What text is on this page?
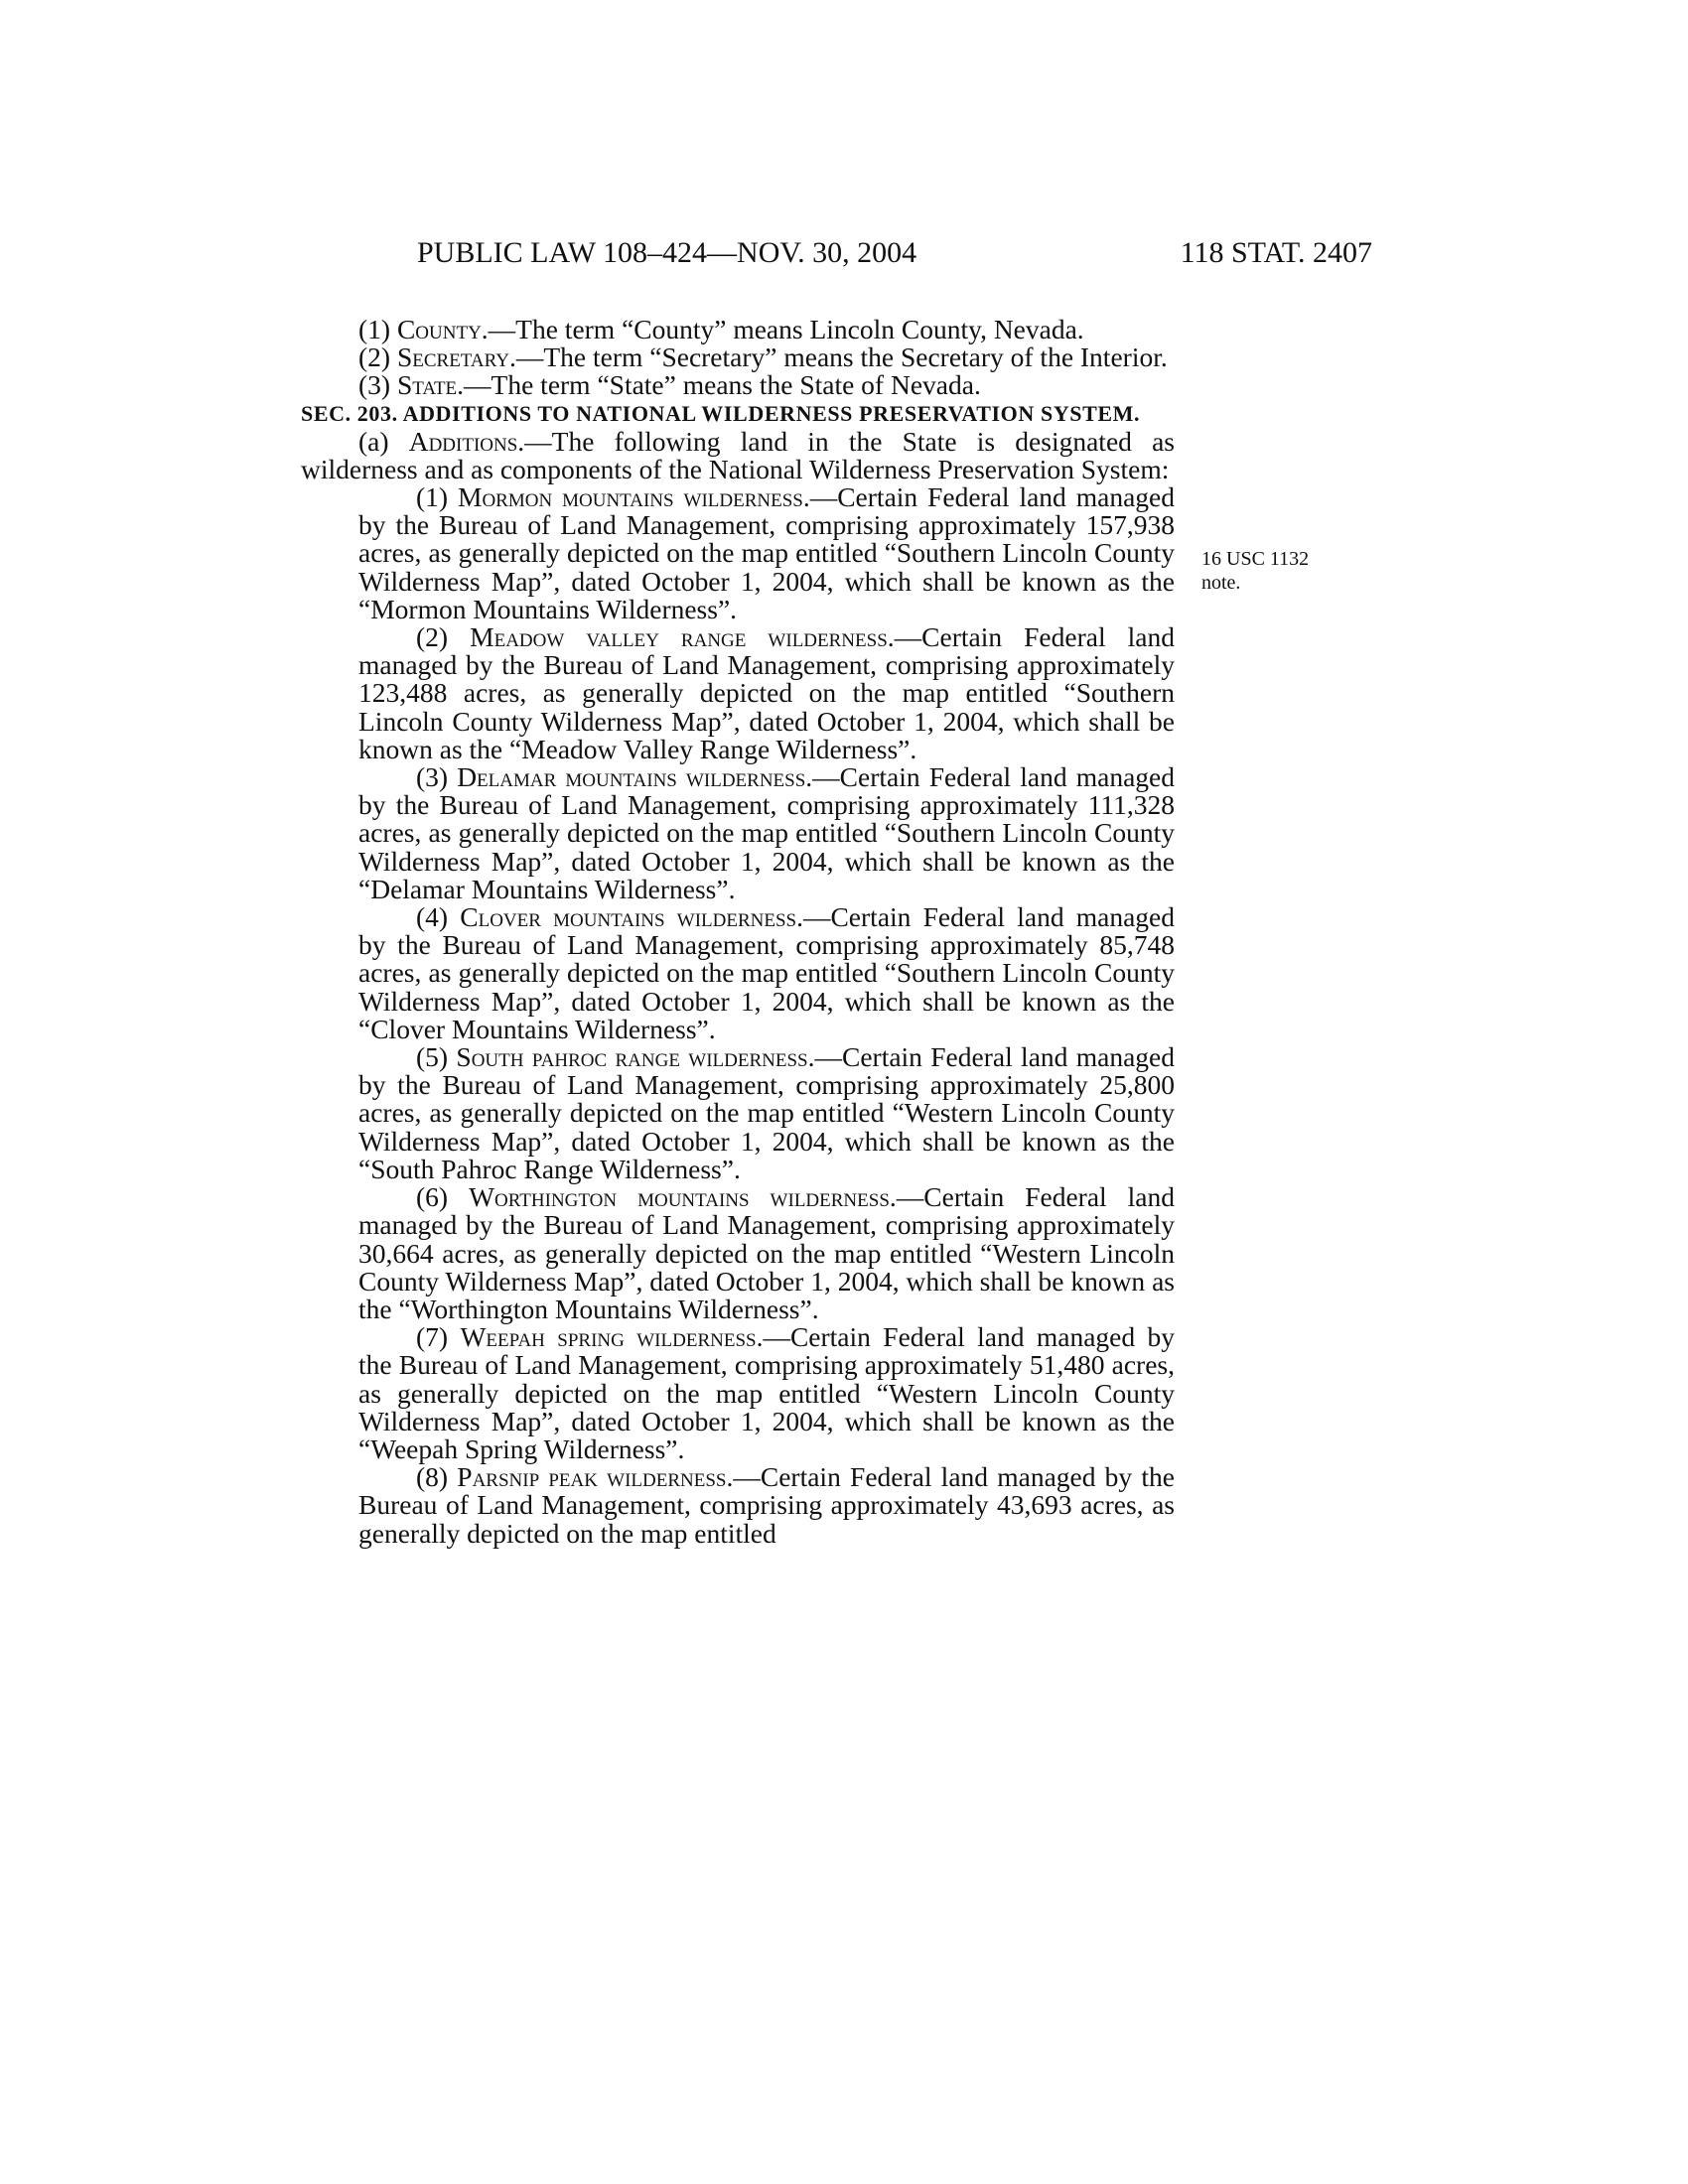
PUBLIC LAW 108–424—NOV. 30, 2004	118 STAT. 2407
16 USC 1132
note.

(1) County.—The term “County” means Lincoln County, Nevada.

(2) Secretary.—The term “Secretary” means the Secretary of the Interior.

(3) State.—The term “State” means the State of Nevada.

SEC. 203. ADDITIONS TO NATIONAL WILDERNESS PRESERVATION SYSTEM.

(a) Additions.—The following land in the State is designated as wilderness and as components of the National Wilderness Preservation System:

(1) Mormon mountains wilderness.—Certain Federal land managed by the Bureau of Land Management, comprising approximately 157,938 acres, as generally depicted on the map entitled “Southern Lincoln County Wilderness Map”, dated October 1, 2004, which shall be known as the “Mormon Mountains Wilderness”.

(2) Meadow valley range wilderness.—Certain Federal land managed by the Bureau of Land Management, comprising approximately 123,488 acres, as generally depicted on the map entitled “Southern Lincoln County Wilderness Map”, dated October 1, 2004, which shall be known as the “Meadow Valley Range Wilderness”.

(3) Delamar mountains wilderness.—Certain Federal land managed by the Bureau of Land Management, comprising approximately 111,328 acres, as generally depicted on the map entitled “Southern Lincoln County Wilderness Map”, dated October 1, 2004, which shall be known as the “Delamar Mountains Wilderness”.

(4) Clover mountains wilderness.—Certain Federal land managed by the Bureau of Land Management, comprising approximately 85,748 acres, as generally depicted on the map entitled “Southern Lincoln County Wilderness Map”, dated October 1, 2004, which shall be known as the “Clover Mountains Wilderness”.

(5) South pahroc range wilderness.—Certain Federal land managed by the Bureau of Land Management, comprising approximately 25,800 acres, as generally depicted on the map entitled “Western Lincoln County Wilderness Map”, dated October 1, 2004, which shall be known as the “South Pahroc Range Wilderness”.

(6) Worthington mountains wilderness.—Certain Federal land managed by the Bureau of Land Management, comprising approximately 30,664 acres, as generally depicted on the map entitled “Western Lincoln County Wilderness Map”, dated October 1, 2004, which shall be known as the “Worthington Mountains Wilderness”.

(7) Weepah spring wilderness.—Certain Federal land managed by the Bureau of Land Management, comprising approximately 51,480 acres, as generally depicted on the map entitled “Western Lincoln County Wilderness Map”, dated October 1, 2004, which shall be known as the “Weepah Spring Wilderness”.

(8) Parsnip peak wilderness.—Certain Federal land managed by the Bureau of Land Management, comprising approximately 43,693 acres, as generally depicted on the map entitled
